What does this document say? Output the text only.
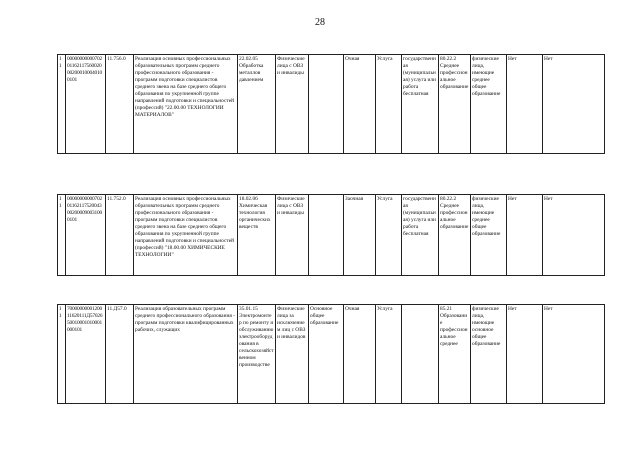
28
11	0000000000070201162117560020002000100040100101	11.756.0	Реализация основных профессиональных образовательных программ среднего профессионального образования - программ подготовки специалистов среднего звена на базе среднего общего образования по укрупненной группе направлений подготовки и специальностей (профессий) "22.00.00 ТЕХНОЛОГИИ МАТЕРИАЛОВ"	22.02.05 Обработка металлов давлением	Физические лица с ОВЗ и инвалиды		Очная	Услуга	государственная (муниципальная) услуга или работа бесплатная	80.22.2 Среднее профессиональное образование	физические лица, имеющие среднее общее образование	Нет	Нет

11	0000000000070201162117520043002000090031000101	11.752.0	Реализация основных профессиональных образовательных программ среднего профессионального образования - программ подготовки специалистов среднего звена на базе среднего общего образования по укрупненной группе направлений подготовки и специальностей (профессий) "18.00.00 ХИМИЧЕСКИЕ ТЕХНОЛОГИИ"	18.02.06 Химическая технология органических веществ	Физические лица с ОВЗ и инвалиды		Заочная	Услуга	государственная (муниципальная) услуга или работа бесплатная	80.22.2 Среднее профессиональное образование	физические лица, имеющие среднее общее образование	Нет	Нет

11	7000000000120011620111Д5702650010001010001000101	11.Д57.0	Реализация образовательных программ среднего профессионального образования - программ подготовки квалифицированных рабочих, служащих	35.01.15 Электромонтер по ремонту и обслуживанию электрооборудования в сельскохозяйственном производстве	Физические лица за исключением лиц с ОВЗ и инвалидов	Основное общее образование	Очная	Услуга		85.21 Образование профессиональное среднее	физические лица, имеющие основное общее образование	Нет	Нет
